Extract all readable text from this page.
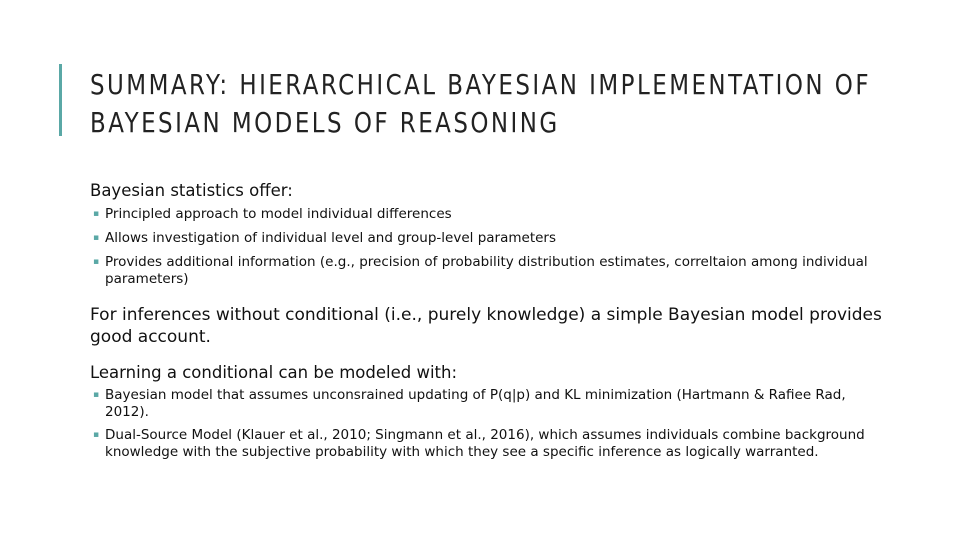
SUMMARY: HIERARCHICAL BAYESIAN IMPLEMENTATION OF
BAYESIAN MODELS OF REASONING

Bayesian statistics offer:

▪ Principled approach to model individual differences
▪ Allows investigation of individual level and group-level parameters
▪ Provides additional information (e.g., precision of probability distribution estimates, correltaion among individual parameters)

For inferences without conditional (i.e., purely knowledge) a simple Bayesian model provides good account.

Learning a conditional can be modeled with:

▪ Bayesian model that assumes unconsrained updating of P(q|p) and KL minimization (Hartmann & Rafiee Rad, 2012).
▪ Dual-Source Model (Klauer et al., 2010; Singmann et al., 2016), which assumes individuals combine background knowledge with the subjective probability with which they see a specific inference as logically warranted.
